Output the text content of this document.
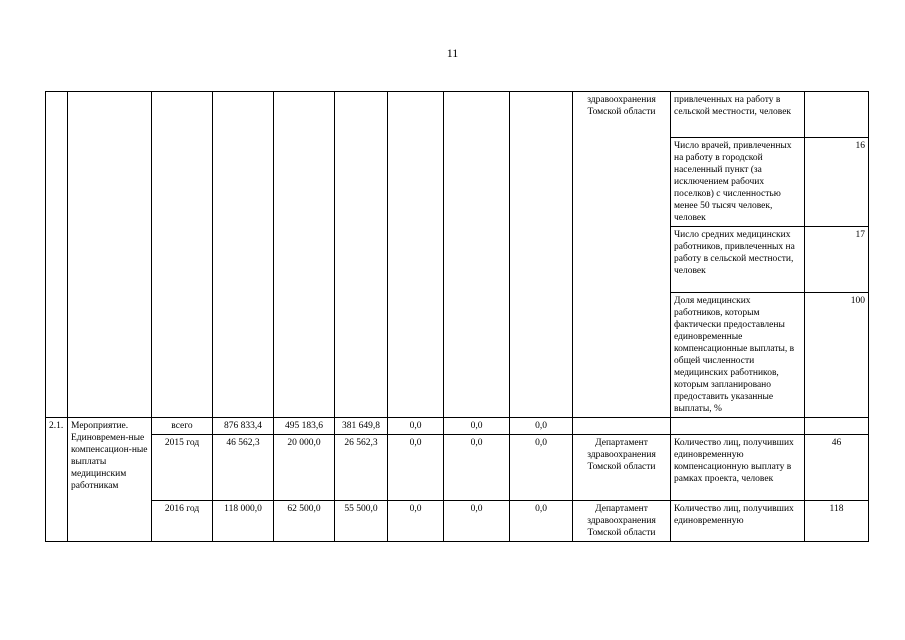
11
									здравоохранения Томской области	привлеченных на работу в сельской местности, человек	
										Число врачей, привлеченных на работу в городской населенный пункт (за исключением рабочих поселков) с численностью менее 50 тысяч человек, человек	16
										Число средних медицинских работников, привлеченных на работу в сельской местности, человек	17
										Доля медицинских работников, которым фактически предоставлены единовременные компенсационные выплаты, в общей численности медицинских работников, которым запланировано предоставить указанные выплаты, %	100
2.1.	Мероприятие. Единовремен-ные компенсацион-ные выплаты медицинским работникам	всего	876 833,4	495 183,6	381 649,8	0,0	0,0	0,0			
		2015 год	46 562,3	20 000,0	26 562,3	0,0	0,0	0,0	Департамент здравоохранения Томской области	Количество лиц, получивших единовременную компенсационную выплату в рамках проекта, человек	46
		2016 год	118 000,0	62 500,0	55 500,0	0,0	0,0	0,0	Департамент здравоохранения Томской области	Количество лиц, получивших единовременную	118
